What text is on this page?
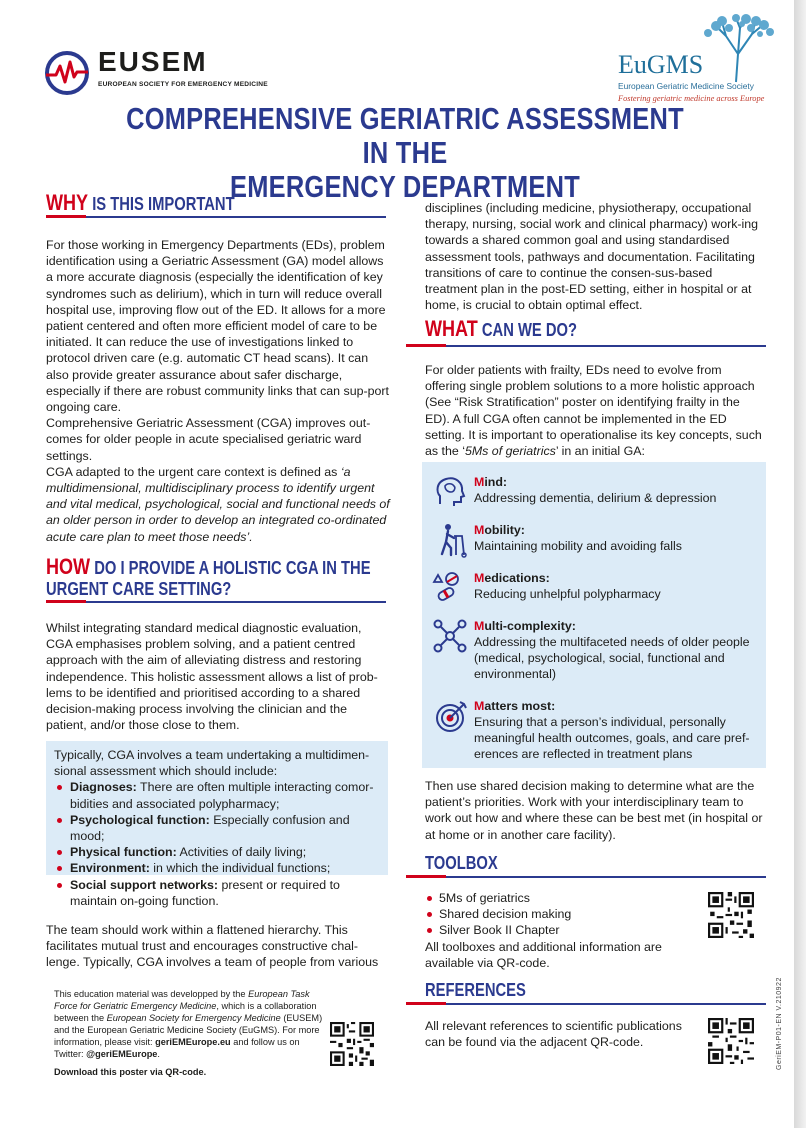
EUSEM
EUROPEAN SOCIETY FOR EMERGENCY MEDICINE
EuGMS
European Geriatric Medicine Society
Fostering geriatric medicine across Europe
COMPREHENSIVE GERIATRIC ASSESSMENT IN THE
EMERGENCY DEPARTMENT
WHY IS THIS IMPORTANT

For those working in Emergency Departments (EDs), problem identification using a Geriatric Assessment (GA) model allows a more accurate diagnosis (especially the identification of key syndromes such as delirium), which in turn will reduce overall hospital use, improving flow out of the ED. It allows for a more patient centered and often more efficient model of care to be initiated. It can reduce the use of investigations linked to protocol driven care (e.g. automatic CT head scans). It can also provide greater assurance about safer discharge, especially if there are robust community links that can sup-port ongoing care.

Comprehensive Geriatric Assessment (CGA) improves out-comes for older people in acute specialised geriatric ward settings.

CGA adapted to the urgent care context is defined as ‘a multidimensional, multidisciplinary process to identify urgent and vital medical, psychological, social and functional needs of an older person in order to develop an integrated co-ordinated acute care plan to meet those needs’.

HOW DO I PROVIDE A HOLISTIC CGA IN THE
URGENT CARE SETTING?
Whilst integrating standard medical diagnostic evaluation, CGA emphasises problem solving, and a patient centred approach with the aim of alleviating distress and restoring independence. This holistic assessment allows a list of prob-lems to be identified and prioritised according to a shared decision-making process involving the clinician and the patient, and/or those close to them.
Typically, CGA involves a team undertaking a multidimen-sional assessment which should include:
Diagnoses: There are often multiple interacting comor-bidities and associated polypharmacy;
Psychological function: Especially confusion and mood;
Physical function: Activities of daily living;
Environment: in which the individual functions;
Social support networks: present or required to maintain on-going function.
The team should work within a flattened hierarchy. This facilitates mutual trust and encourages constructive chal-lenge. Typically, CGA involves a team of people from various
This education material was developped by the European Task Force for Geriatric Emergency Medicine, which is a collaboration between the European Society for Emergency Medicine (EUSEM) and the European Geriatric Medicine Society (EuGMS). For more information, please visit: geriEMEurope.eu and follow us on Twitter: @geriEMEurope.
Download this poster via QR-code.
disciplines (including medicine, physiotherapy, occupational therapy, nursing, social work and clinical pharmacy) work-ing towards a shared common goal and using standardised assessment tools, pathways and documentation. Facilitating transitions of care to continue the consen-sus-based treatment plan in the post-ED setting, either in hospital or at home, is crucial to obtain optimal effect.
WHAT CAN WE DO?
For older patients with frailty, EDs need to evolve from offering single problem solutions to a more holistic approach (See “Risk Stratification” poster on identifying frailty in the ED). A full CGA often cannot be implemented in the ED setting. It is important to operationalise its key concepts, such as the ‘5Ms of geriatrics’ in an initial GA:
Mind:
Addressing dementia, delirium & depression
Mobility:
Maintaining mobility and avoiding falls
Medications:
Reducing unhelpful polypharmacy
Multi-complexity:
Addressing the multifaceted needs of older people (medical, psychological, social, functional and environmental)
Matters most:
Ensuring that a person’s individual, personally meaningful health outcomes, goals, and care pref-erences are reflected in treatment plans
Then use shared decision making to determine what are the patient’s priorities. Work with your interdisciplinary team to work out how and where these can be best met (in hospital or at home or in another care facility).
TOOLBOX
5Ms of geriatrics
Shared decision making
Silver Book II Chapter
All toolboxes and additional information are available via QR-code.
REFERENCES
All relevant references to scientific publications can be found via the adjacent QR-code.	GeriEM-P01-EN V.210922
